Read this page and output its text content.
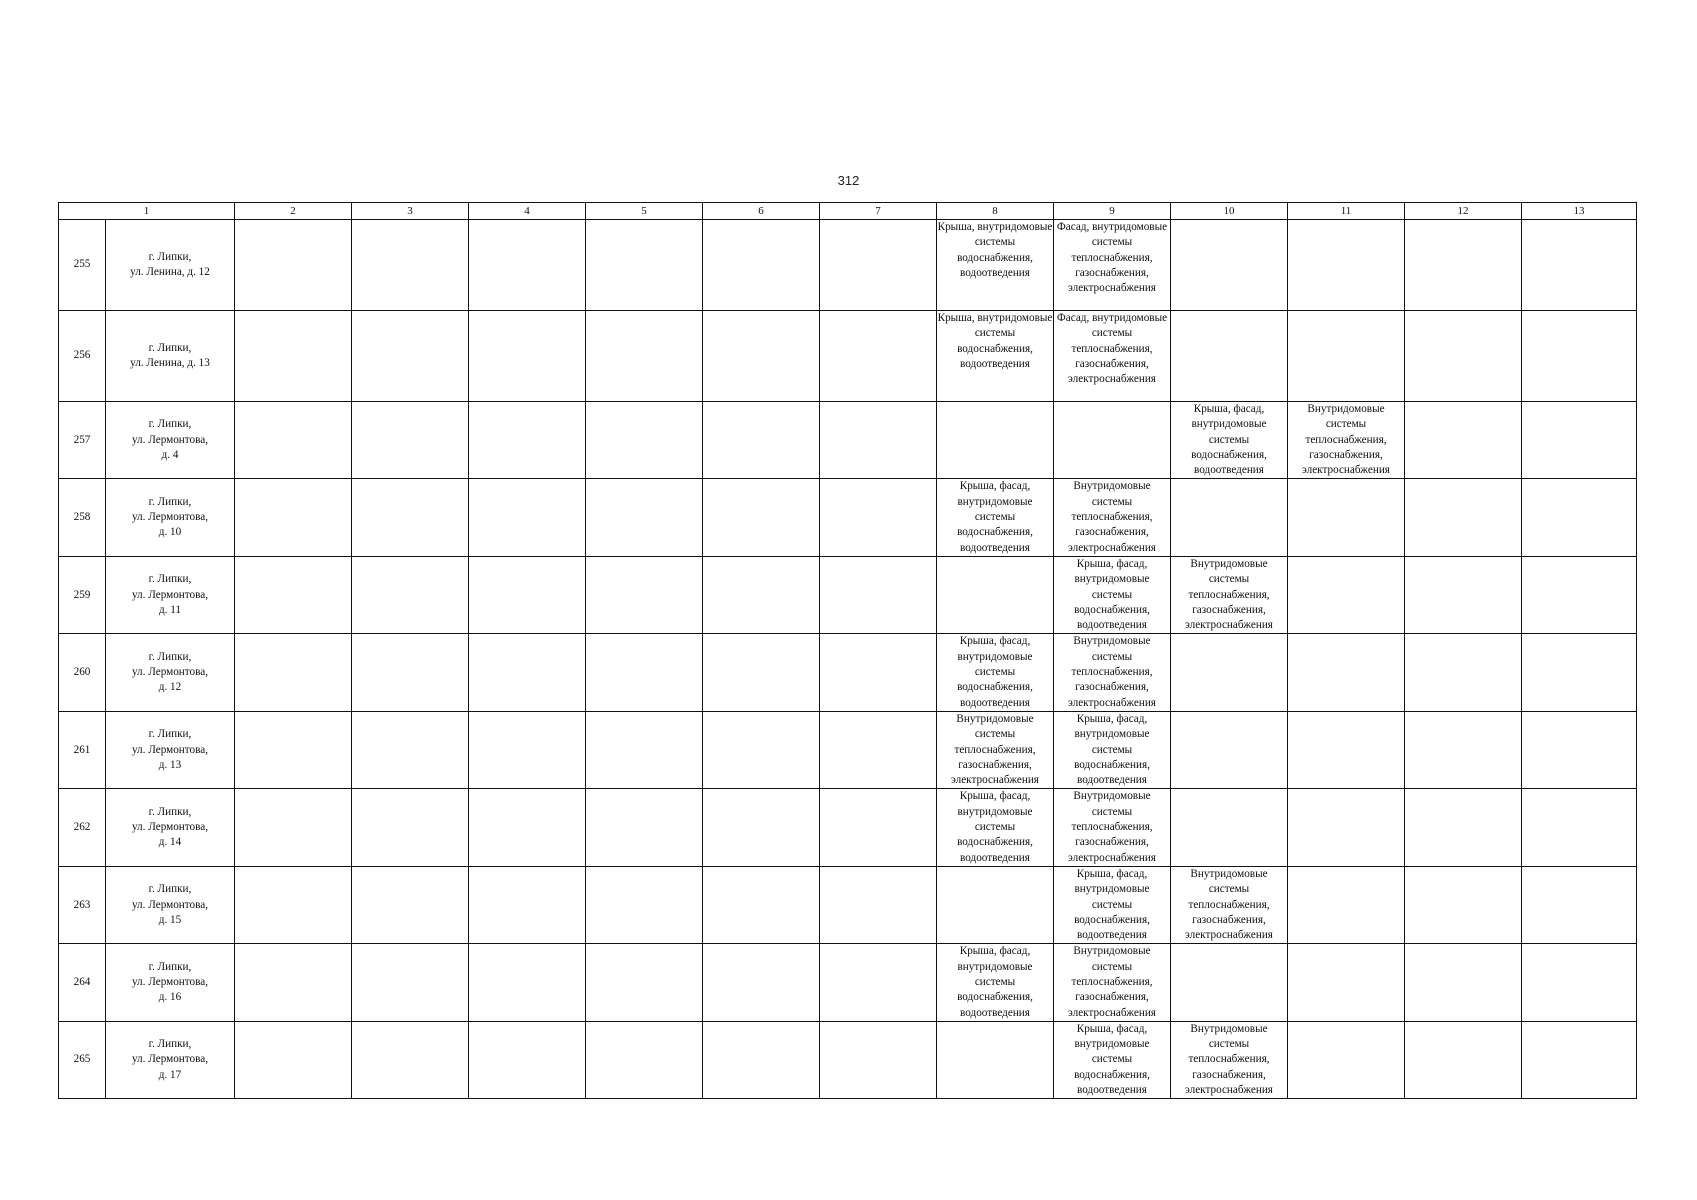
312
1		2	3	4	5	6	7	8	9	10	11	12	13
255	г. Липки,
ул. Ленина, д. 12							Крыша, внутридомовые системы водоснабжения, водоотведения	Фасад, внутридомовые системы теплоснабжения, газоснабжения, электроснабжения				

256	г. Липки,
ул. Ленина, д. 13							Крыша, внутридомовые системы водоснабжения, водоотведения	Фасад, внутридомовые системы теплоснабжения, газоснабжения, электроснабжения				

257	г. Липки,
ул. Лермонтова,
д. 4									Крыша, фасад, внутридомовые системы водоснабжения, водоотведения	Внутридомовые системы теплоснабжения, газоснабжения, электроснабжения		

258	г. Липки,
ул. Лермонтова,
д. 10							Крыша, фасад, внутридомовые системы водоснабжения, водоотведения	Внутридомовые системы теплоснабжения, газоснабжения, электроснабжения				

259	г. Липки,
ул. Лермонтова,
д. 11								Крыша, фасад, внутридомовые системы водоснабжения, водоотведения	Внутридомовые системы теплоснабжения, газоснабжения, электроснабжения			

260	г. Липки,
ул. Лермонтова,
д. 12							Крыша, фасад, внутридомовые системы водоснабжения, водоотведения	Внутридомовые системы теплоснабжения, газоснабжения, электроснабжения				

261	г. Липки,
ул. Лермонтова,
д. 13							Внутридомовые системы теплоснабжения, газоснабжения, электроснабжения	Крыша, фасад, внутридомовые системы водоснабжения, водоотведения				

262	г. Липки,
ул. Лермонтова,
д. 14							Крыша, фасад, внутридомовые системы водоснабжения, водоотведения	Внутридомовые системы теплоснабжения, газоснабжения, электроснабжения				

263	г. Липки,
ул. Лермонтова,
д. 15								Крыша, фасад, внутридомовые системы водоснабжения, водоотведения	Внутридомовые системы теплоснабжения, газоснабжения, электроснабжения			

264	г. Липки,
ул. Лермонтова,
д. 16							Крыша, фасад, внутридомовые системы водоснабжения, водоотведения	Внутридомовые системы теплоснабжения, газоснабжения, электроснабжения				

265	г. Липки,
ул. Лермонтова,
д. 17								Крыша, фасад, внутридомовые системы водоснабжения, водоотведения	Внутридомовые системы теплоснабжения, газоснабжения, электроснабжения			
